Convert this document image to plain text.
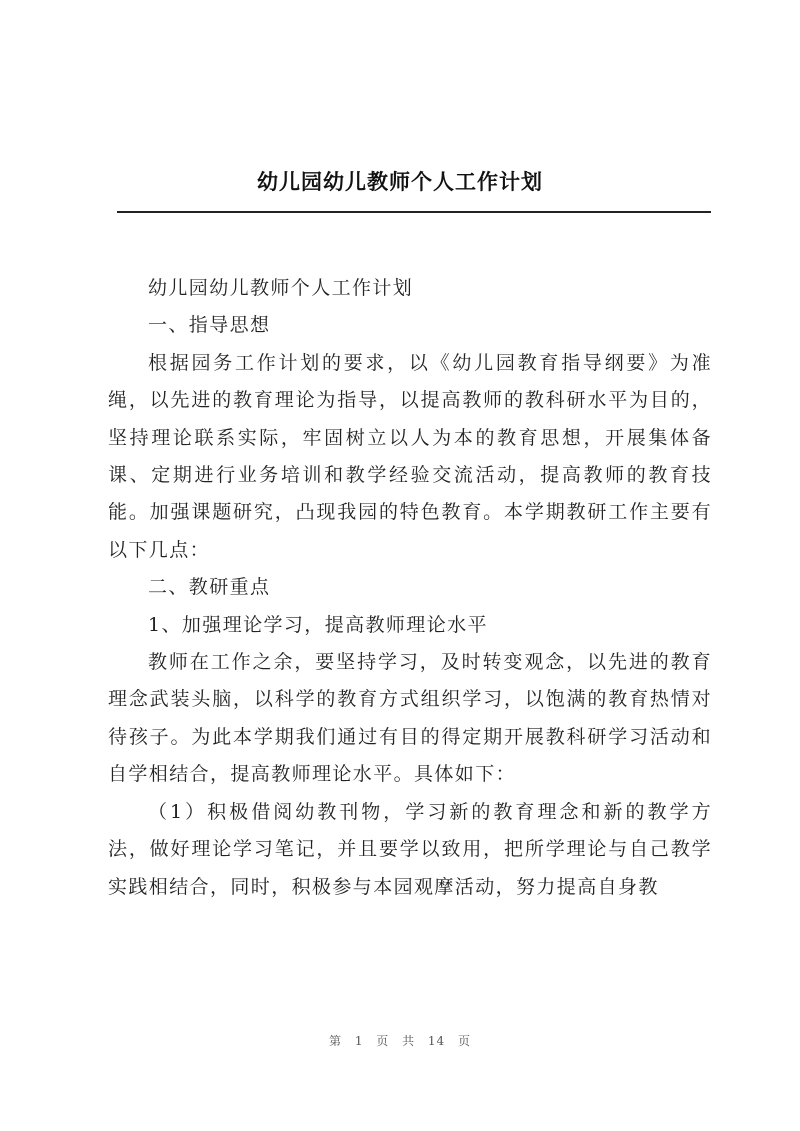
幼儿园幼儿教师个人工作计划

幼儿园幼儿教师个人工作计划

一、指导思想

根据园务工作计划的要求，以《幼儿园教育指导纲要》为准绳，以先进的教育理论为指导，以提高教师的教科研水平为目的，坚持理论联系实际，牢固树立以人为本的教育思想，开展集体备课、定期进行业务培训和教学经验交流活动，提高教师的教育技能。加强课题研究，凸现我园的特色教育。本学期教研工作主要有以下几点：

二、教研重点

1、加强理论学习，提高教师理论水平

教师在工作之余，要坚持学习，及时转变观念，以先进的教育理念武装头脑，以科学的教育方式组织学习，以饱满的教育热情对待孩子。为此本学期我们通过有目的得定期开展教科研学习活动和自学相结合，提高教师理论水平。具体如下：

（1）积极借阅幼教刊物，学习新的教育理念和新的教学方法，做好理论学习笔记，并且要学以致用，把所学理论与自己教学实践相结合，同时，积极参与本园观摩活动，努力提高自身教

第 1 页 共 14 页
